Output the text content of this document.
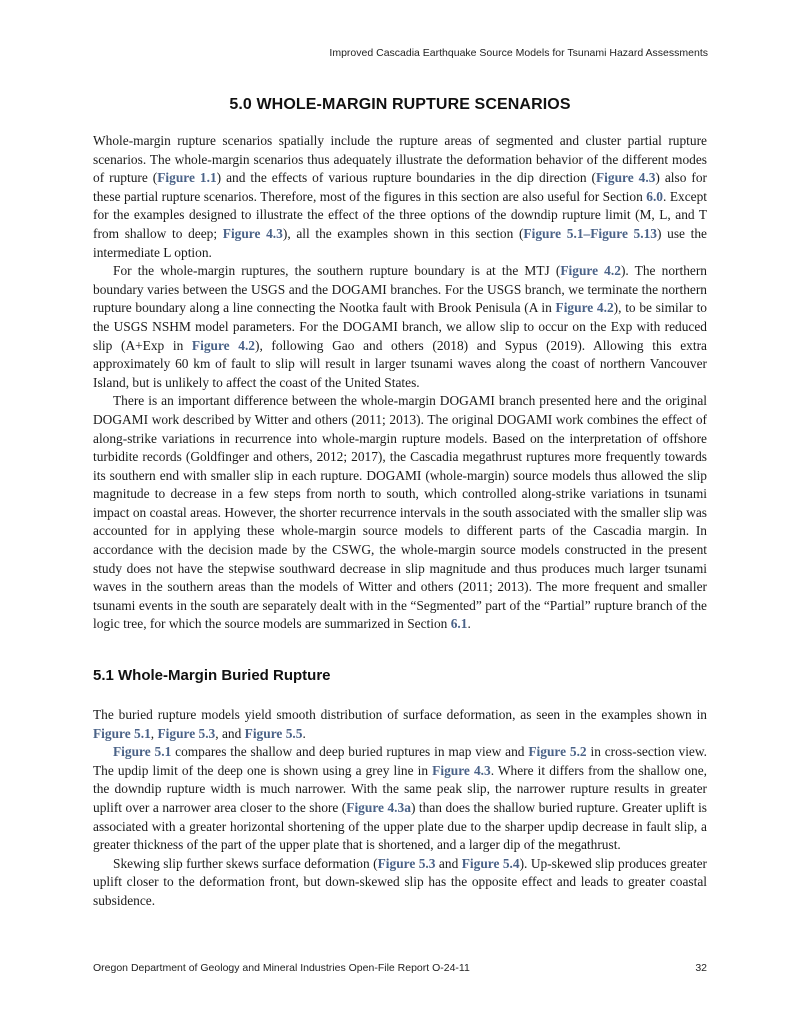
Improved Cascadia Earthquake Source Models for Tsunami Hazard Assessments
5.0 WHOLE-MARGIN RUPTURE SCENARIOS

Whole-margin rupture scenarios spatially include the rupture areas of segmented and cluster partial rupture scenarios. The whole-margin scenarios thus adequately illustrate the deformation behavior of the different modes of rupture (Figure 1.1) and the effects of various rupture boundaries in the dip direction (Figure 4.3) also for these partial rupture scenarios. Therefore, most of the figures in this section are also useful for Section 6.0. Except for the examples designed to illustrate the effect of the three options of the downdip rupture limit (M, L, and T from shallow to deep; Figure 4.3), all the examples shown in this section (Figure 5.1–Figure 5.13) use the intermediate L option.

For the whole-margin ruptures, the southern rupture boundary is at the MTJ (Figure 4.2). The northern boundary varies between the USGS and the DOGAMI branches. For the USGS branch, we terminate the northern rupture boundary along a line connecting the Nootka fault with Brook Penisula (A in Figure 4.2), to be similar to the USGS NSHM model parameters. For the DOGAMI branch, we allow slip to occur on the Exp with reduced slip (A+Exp in Figure 4.2), following Gao and others (2018) and Sypus (2019). Allowing this extra approximately 60 km of fault to slip will result in larger tsunami waves along the coast of northern Vancouver Island, but is unlikely to affect the coast of the United States.

There is an important difference between the whole-margin DOGAMI branch presented here and the original DOGAMI work described by Witter and others (2011; 2013). The original DOGAMI work combines the effect of along-strike variations in recurrence into whole-margin rupture models. Based on the interpretation of offshore turbidite records (Goldfinger and others, 2012; 2017), the Cascadia megathrust ruptures more frequently towards its southern end with smaller slip in each rupture. DOGAMI (whole-margin) source models thus allowed the slip magnitude to decrease in a few steps from north to south, which controlled along-strike variations in tsunami impact on coastal areas. However, the shorter recurrence intervals in the south associated with the smaller slip was accounted for in applying these whole-margin source models to different parts of the Cascadia margin. In accordance with the decision made by the CSWG, the whole-margin source models constructed in the present study does not have the stepwise southward decrease in slip magnitude and thus produces much larger tsunami waves in the southern areas than the models of Witter and others (2011; 2013). The more frequent and smaller tsunami events in the south are separately dealt with in the “Segmented” part of the “Partial” rupture branch of the logic tree, for which the source models are summarized in Section 6.1.

5.1 Whole-Margin Buried Rupture

The buried rupture models yield smooth distribution of surface deformation, as seen in the examples shown in Figure 5.1, Figure 5.3, and Figure 5.5.

Figure 5.1 compares the shallow and deep buried ruptures in map view and Figure 5.2 in cross-section view. The updip limit of the deep one is shown using a grey line in Figure 4.3. Where it differs from the shallow one, the downdip rupture width is much narrower. With the same peak slip, the narrower rupture results in greater uplift over a narrower area closer to the shore (Figure 4.3a) than does the shallow buried rupture. Greater uplift is associated with a greater horizontal shortening of the upper plate due to the sharper updip decrease in fault slip, a greater thickness of the part of the upper plate that is shortened, and a larger dip of the megathrust.

Skewing slip further skews surface deformation (Figure 5.3 and Figure 5.4). Up-skewed slip produces greater uplift closer to the deformation front, but down-skewed slip has the opposite effect and leads to greater coastal subsidence.

Oregon Department of Geology and Mineral Industries Open-File Report O-24-11	32
